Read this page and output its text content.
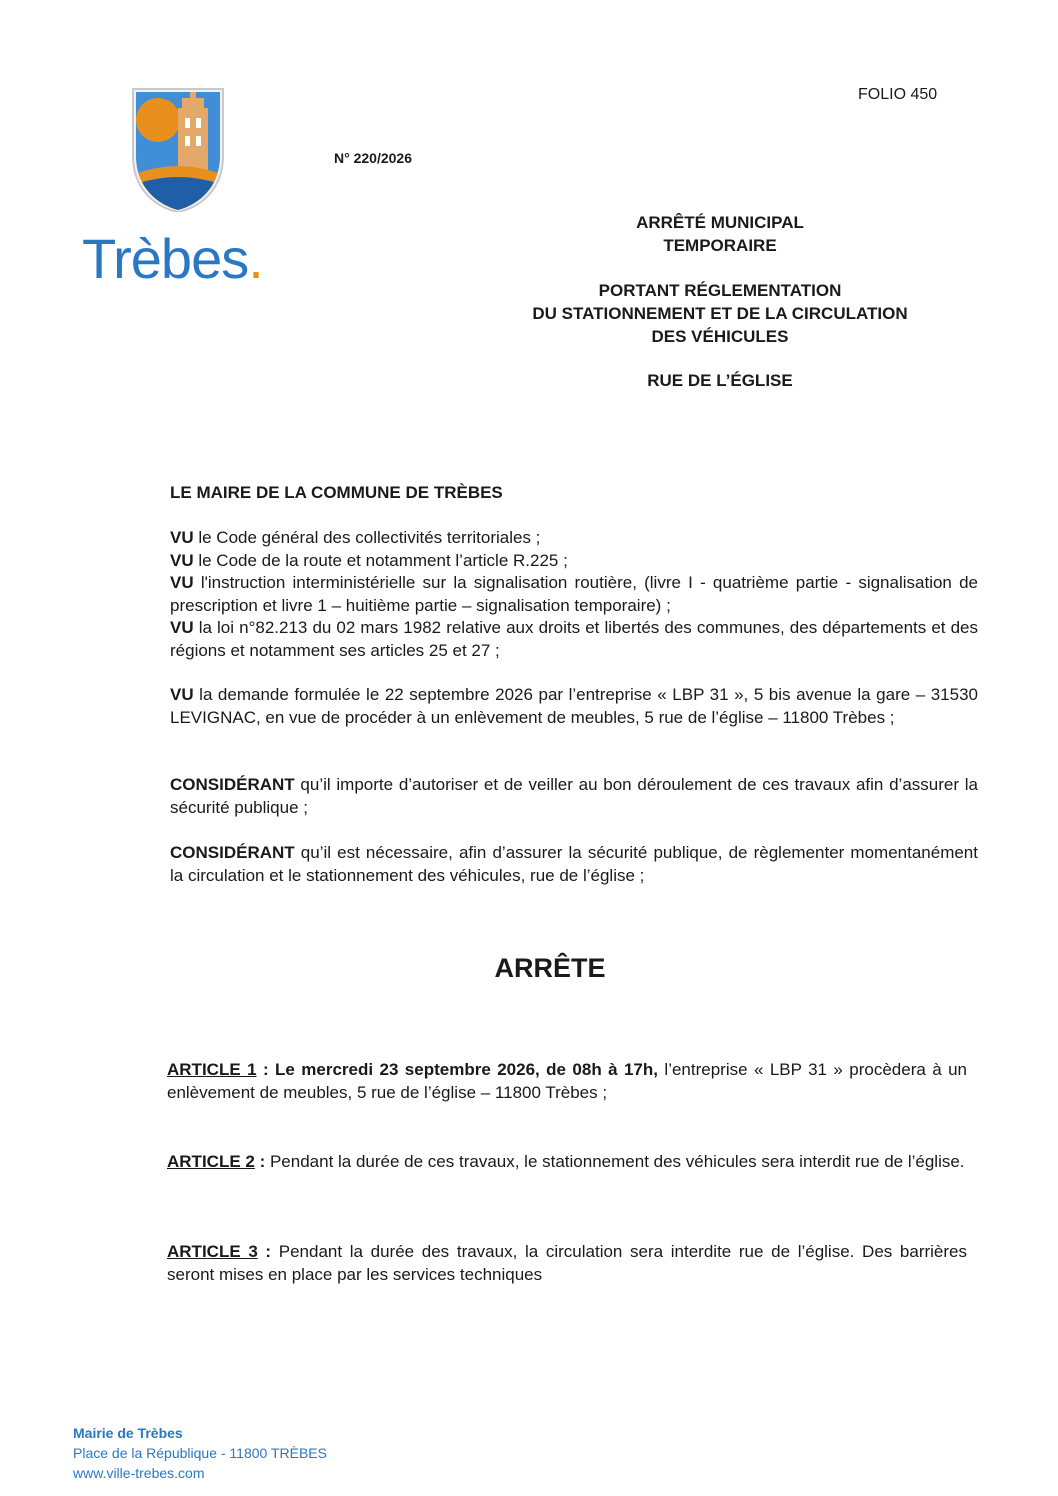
FOLIO 450
Trèbes.
N° 220/2026
ARRÊTÉ MUNICIPAL
TEMPORAIRE
PORTANT RÉGLEMENTATION
DU STATIONNEMENT ET DE LA CIRCULATION
DES VÉHICULES
RUE DE L’ÉGLISE
LE MAIRE DE LA COMMUNE DE TRÈBES
VU le Code général des collectivités territoriales ;
VU le Code de la route et notamment l’article R.225 ;
VU l'instruction interministérielle sur la signalisation routière, (livre I - quatrième partie - signalisation de prescription et livre 1 – huitième partie – signalisation temporaire) ;
VU la loi n°82.213 du 02 mars 1982 relative aux droits et libertés des communes, des départements et des régions et notamment ses articles 25 et 27 ;
VU la demande formulée le 22 septembre 2026 par l’entreprise « LBP 31 », 5 bis avenue la gare – 31530 LEVIGNAC, en vue de procéder à un enlèvement de meubles, 5 rue de l’église – 11800 Trèbes ;
CONSIDÉRANT qu’il importe d’autoriser et de veiller au bon déroulement de ces travaux afin d’assurer la sécurité publique ;
CONSIDÉRANT qu’il est nécessaire, afin d’assurer la sécurité publique, de règlementer momentanément la circulation et le stationnement des véhicules, rue de l’église ;
ARRÊTE
ARTICLE 1 : Le mercredi 23 septembre 2026, de 08h à 17h, l’entreprise « LBP 31 » procèdera à un enlèvement de meubles, 5 rue de l’église – 11800 Trèbes ;
ARTICLE 2 : Pendant la durée de ces travaux, le stationnement des véhicules sera interdit rue de l’église.
ARTICLE 3 : Pendant la durée des travaux, la circulation sera interdite rue de l’église. Des barrières seront mises en place par les services techniques
Mairie de Trèbes
Place de la République - 11800 TRÈBES
www.ville-trebes.com
